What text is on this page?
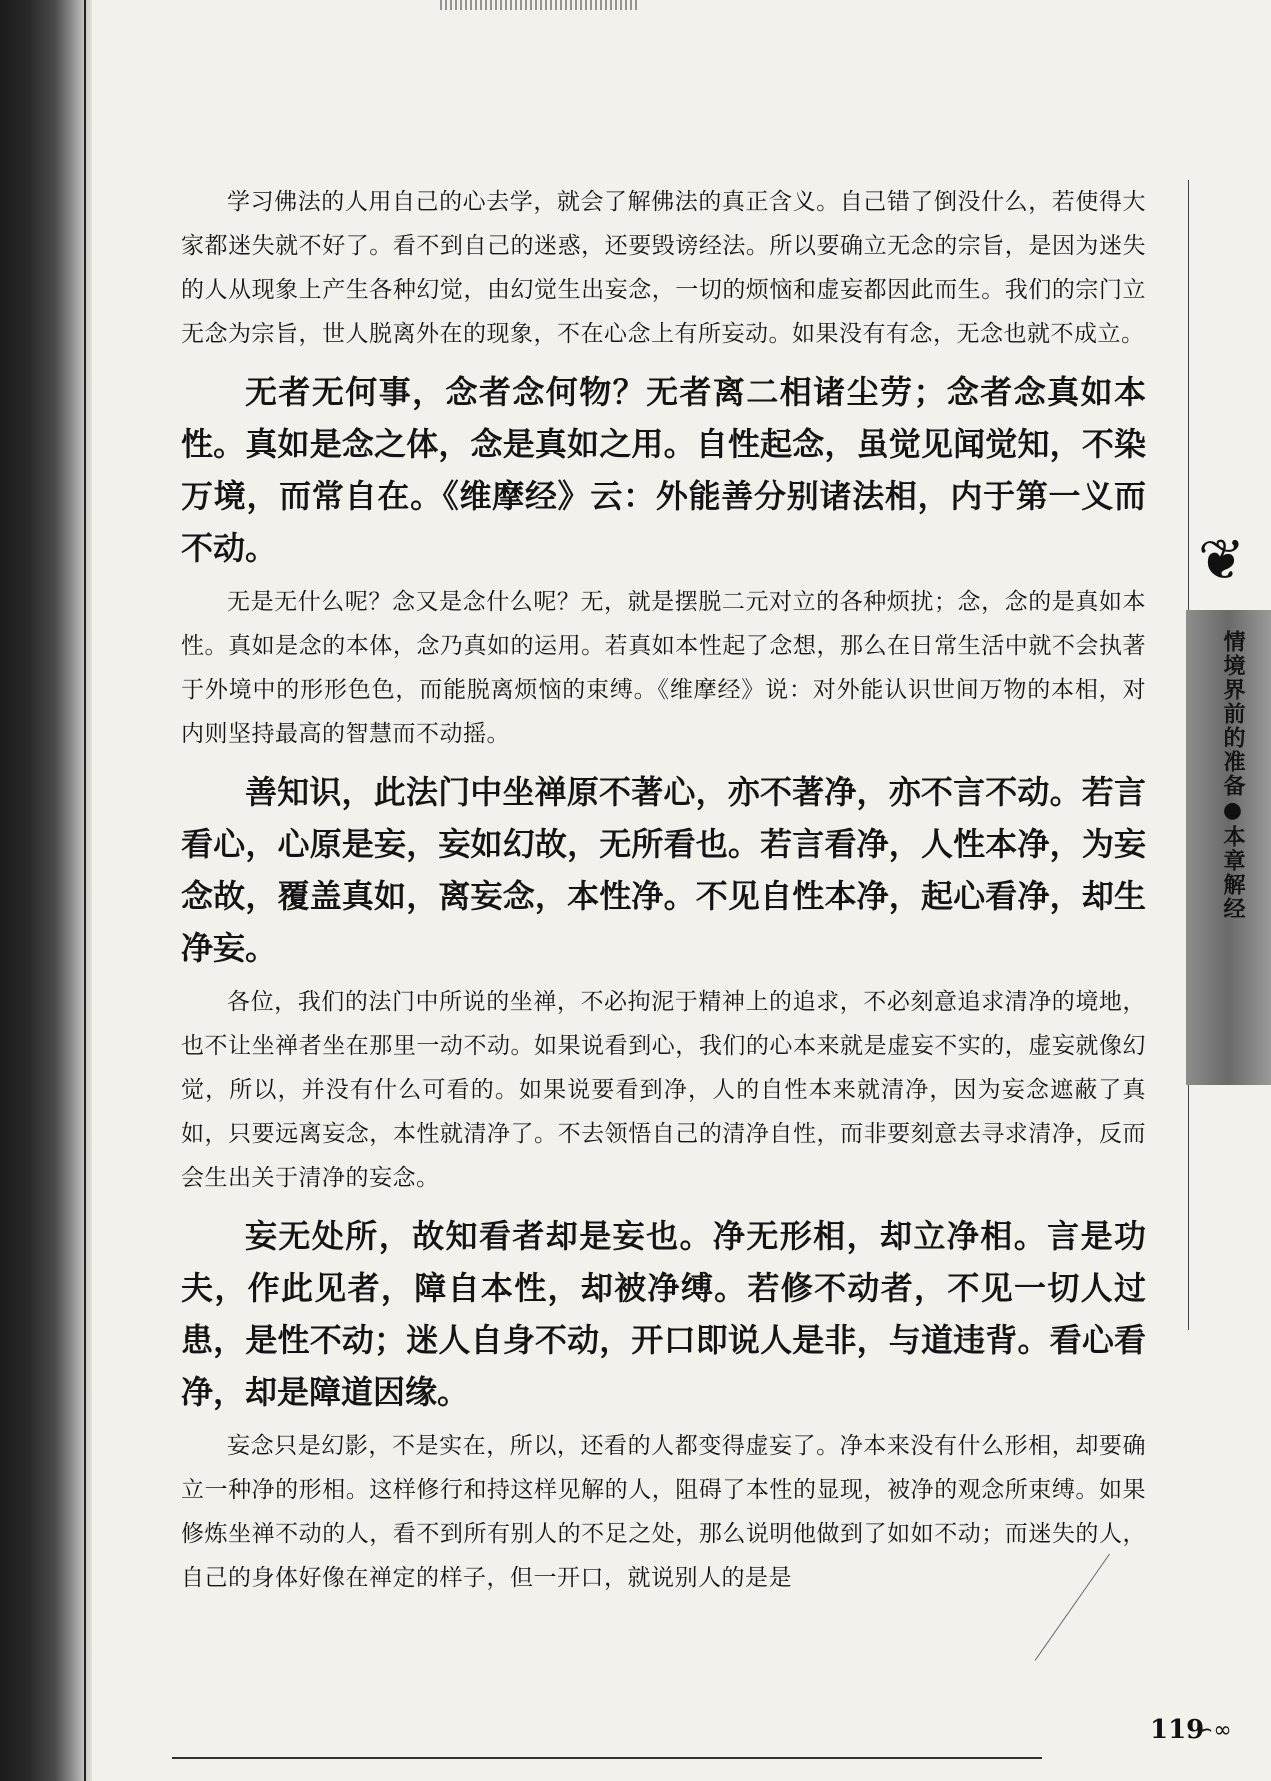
❦
情境界前的准备●本章解经

学习佛法的人用自己的心去学，就会了解佛法的真正含义。自己错了倒没什么，若使得大家都迷失就不好了。看不到自己的迷惑，还要毁谤经法。所以要确立无念的宗旨，是因为迷失的人从现象上产生各种幻觉，由幻觉生出妄念，一切的烦恼和虚妄都因此而生。我们的宗门立无念为宗旨，世人脱离外在的现象，不在心念上有所妄动。如果没有有念，无念也就不成立。

无者无何事，念者念何物？无者离二相诸尘劳；念者念真如本性。真如是念之体，念是真如之用。自性起念，虽觉见闻觉知，不染万境，而常自在。《维摩经》云：外能善分别诸法相，内于第一义而不动。

无是无什么呢？念又是念什么呢？无，就是摆脱二元对立的各种烦扰；念，念的是真如本性。真如是念的本体，念乃真如的运用。若真如本性起了念想，那么在日常生活中就不会执著于外境中的形形色色，而能脱离烦恼的束缚。《维摩经》说：对外能认识世间万物的本相，对内则坚持最高的智慧而不动摇。

善知识，此法门中坐禅原不著心，亦不著净，亦不言不动。若言看心，心原是妄，妄如幻故，无所看也。若言看净，人性本净，为妄念故，覆盖真如，离妄念，本性净。不见自性本净，起心看净，却生净妄。

各位，我们的法门中所说的坐禅，不必拘泥于精神上的追求，不必刻意追求清净的境地，也不让坐禅者坐在那里一动不动。如果说看到心，我们的心本来就是虚妄不实的，虚妄就像幻觉，所以，并没有什么可看的。如果说要看到净，人的自性本来就清净，因为妄念遮蔽了真如，只要远离妄念，本性就清净了。不去领悟自己的清净自性，而非要刻意去寻求清净，反而会生出关于清净的妄念。

妄无处所，故知看者却是妄也。净无形相，却立净相。言是功夫，作此见者，障自本性，却被净缚。若修不动者，不见一切人过患，是性不动；迷人自身不动，开口即说人是非，与道违背。看心看净，却是障道因缘。

妄念只是幻影，不是实在，所以，还看的人都变得虚妄了。净本来没有什么形相，却要确立一种净的形相。这样修行和持这样见解的人，阻碍了本性的显现，被净的观念所束缚。如果修炼坐禅不动的人，看不到所有别人的不足之处，那么说明他做到了如如不动；而迷失的人，自己的身体好像在禅定的样子，但一开口，就说别人的是是

119
∽∞
